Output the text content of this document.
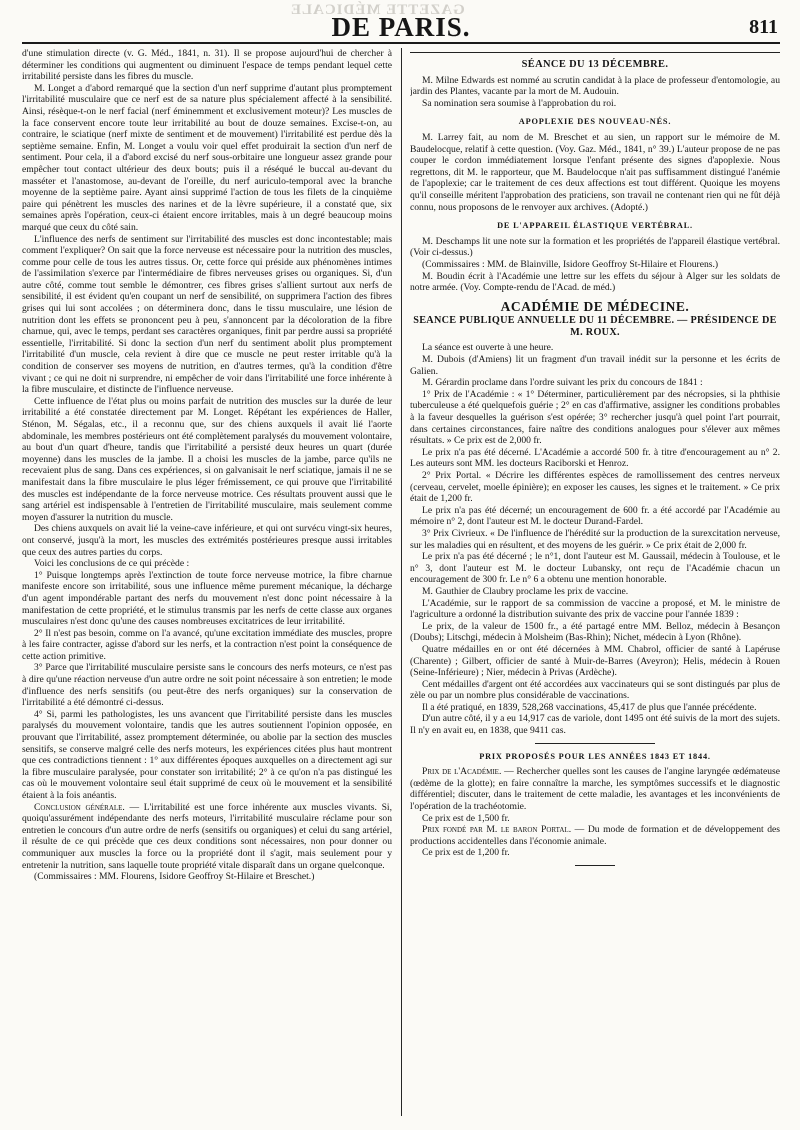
GAZETTE MÉDICALE
DE PARIS.	811

d'une stimulation directe (v. G. Méd., 1841, n. 31). Il se propose aujourd'hui de chercher à déterminer les conditions qui augmentent ou diminuent l'espace de temps pendant lequel cette irritabilité persiste dans les fibres du muscle.

M. Longet a d'abord remarqué que la section d'un nerf supprime d'autant plus promptement l'irritabilité musculaire que ce nerf est de sa nature plus spécialement affecté à la sensibilité. Ainsi, résèque-t-on le nerf facial (nerf éminemment et exclusivement moteur)? Les muscles de la face conservent encore toute leur irritabilité au bout de douze semaines. Excise-t-on, au contraire, le sciatique (nerf mixte de sentiment et de mouvement) l'irritabilité est perdue dès la septième semaine. Enfin, M. Longet a voulu voir quel effet produirait la section d'un nerf de sentiment. Pour cela, il a d'abord excisé du nerf sous-orbitaire une longueur assez grande pour empêcher tout contact ultérieur des deux bouts; puis il a réséqué le buccal au-devant du masséter et l'anastomose, au-devant de l'oreille, du nerf auriculo-temporal avec la branche moyenne de la septième paire. Ayant ainsi supprimé l'action de tous les filets de la cinquième paire qui pénètrent les muscles des narines et de la lèvre supérieure, il a constaté que, six semaines après l'opération, ceux-ci étaient encore irritables, mais à un degré beaucoup moins marqué que ceux du côté sain.

L'influence des nerfs de sentiment sur l'irritabilité des muscles est donc incontestable; mais comment l'expliquer? On sait que la force nerveuse est nécessaire pour la nutrition des muscles, comme pour celle de tous les autres tissus. Or, cette force qui préside aux phénomènes intimes de l'assimilation s'exerce par l'intermédiaire de fibres nerveuses grises ou organiques. Si, d'un autre côté, comme tout semble le démontrer, ces fibres grises s'allient surtout aux nerfs de sensibilité, il est évident qu'en coupant un nerf de sensibilité, on supprimera l'action des fibres grises qui lui sont accolées ; on déterminera donc, dans le tissu musculaire, une lésion de nutrition dont les effets se prononcent peu à peu, s'annoncent par la décoloration de la fibre charnue, qui, avec le temps, perdant ses caractères organiques, finit par perdre aussi sa propriété essentielle, l'irritabilité. Si donc la section d'un nerf du sentiment abolit plus promptement l'irritabilité d'un muscle, cela revient à dire que ce muscle ne peut rester irritable qu'à la condition de conserver ses moyens de nutrition, en d'autres termes, qu'à la condition d'être vivant ; ce qui ne doit ni surprendre, ni empêcher de voir dans l'irritabilité une force inhérente à la fibre musculaire, et distincte de l'influence nerveuse.

Cette influence de l'état plus ou moins parfait de nutrition des muscles sur la durée de leur irritabilité a été constatée directement par M. Longet. Répétant les expériences de Haller, Sténon, M. Ségalas, etc., il a reconnu que, sur des chiens auxquels il avait lié l'aorte abdominale, les membres postérieurs ont été complètement paralysés du mouvement volontaire, au bout d'un quart d'heure, tandis que l'irritabilité a persisté deux heures un quart (durée moyenne) dans les muscles de la jambe. Il a choisi les muscles de la jambe, parce qu'ils ne recevaient plus de sang. Dans ces expériences, si on galvanisait le nerf sciatique, jamais il ne se manifestait dans la fibre musculaire le plus léger frémissement, ce qui prouve que l'irritabilité des muscles est indépendante de la force nerveuse motrice. Ces résultats prouvent aussi que le sang artériel est indispensable à l'entretien de l'irritabilité musculaire, mais seulement comme moyen d'assurer la nutrition du muscle.

Des chiens auxquels on avait lié la veine-cave inférieure, et qui ont survécu vingt-six heures, ont conservé, jusqu'à la mort, les muscles des extrémités postérieures presque aussi irritables que ceux des autres parties du corps.

Voici les conclusions de ce qui précède :

1° Puisque longtemps après l'extinction de toute force nerveuse motrice, la fibre charnue manifeste encore son irritabilité, sous une influence même purement mécanique, la décharge d'un agent impondérable partant des nerfs du mouvement n'est donc point nécessaire à la manifestation de cette propriété, et le stimulus transmis par les nerfs de cette classe aux organes musculaires n'est donc qu'une des causes nombreuses excitatrices de leur irritabilité.

2° Il n'est pas besoin, comme on l'a avancé, qu'une excitation immédiate des muscles, propre à les faire contracter, agisse d'abord sur les nerfs, et la contraction n'est point la conséquence de cette action primitive.

3° Parce que l'irritabilité musculaire persiste sans le concours des nerfs moteurs, ce n'est pas à dire qu'une réaction nerveuse d'un autre ordre ne soit point nécessaire à son entretien; le mode d'influence des nerfs sensitifs (ou peut-être des nerfs organiques) sur la conservation de l'irritabilité a été démontré ci-dessus.

4° Si, parmi les pathologistes, les uns avancent que l'irritabilité persiste dans les muscles paralysés du mouvement volontaire, tandis que les autres soutiennent l'opinion opposée, en prouvant que l'irritabilité, assez promptement déterminée, ou abolie par la section des muscles sensitifs, se conserve malgré celle des nerfs moteurs, les expériences citées plus haut montrent que ces contradictions tiennent : 1° aux différentes époques auxquelles on a directement agi sur la fibre musculaire paralysée, pour constater son irritabilité; 2° à ce qu'on n'a pas distingué les cas où le mouvement volontaire seul était supprimé de ceux où le mouvement et la sensibilité étaient à la fois anéantis.

Conclusion générale. — L'irritabilité est une force inhérente aux muscles vivants. Si, quoiqu'assurément indépendante des nerfs moteurs, l'irritabilité musculaire réclame pour son entretien le concours d'un autre ordre de nerfs (sensitifs ou organiques) et celui du sang artériel, il résulte de ce qui précède que ces deux conditions sont nécessaires, non pour donner ou communiquer aux muscles la force ou la propriété dont il s'agit, mais seulement pour y entretenir la nutrition, sans laquelle toute propriété vitale disparaît dans un organe quelconque.

(Commissaires : MM. Flourens, Isidore Geoffroy St-Hilaire et Breschet.)

SÉANCE DU 13 DÉCEMBRE.

M. Milne Edwards est nommé au scrutin candidat à la place de professeur d'entomologie, au jardin des Plantes, vacante par la mort de M. Audouin.

Sa nomination sera soumise à l'approbation du roi.

APOPLEXIE DES NOUVEAU-NÉS.

M. Larrey fait, au nom de M. Breschet et au sien, un rapport sur le mémoire de M. Baudelocque, relatif à cette question. (Voy. Gaz. Méd., 1841, n° 39.) L'auteur propose de ne pas couper le cordon immédiatement lorsque l'enfant présente des signes d'apoplexie. Nous regrettons, dit M. le rapporteur, que M. Baudelocque n'ait pas suffisamment distingué l'anémie de l'apoplexie; car le traitement de ces deux affections est tout différent. Quoique les moyens qu'il conseille méritent l'approbation des praticiens, son travail ne contenant rien qui ne fût déjà connu, nous proposons de le renvoyer aux archives. (Adopté.)

DE L'APPAREIL ÉLASTIQUE VERTÉBRAL.

M. Deschamps lit une note sur la formation et les propriétés de l'appareil élastique vertébral. (Voir ci-dessus.)

(Commissaires : MM. de Blainville, Isidore Geoffroy St-Hilaire et Flourens.)

M. Boudin écrit à l'Académie une lettre sur les effets du séjour à Alger sur les soldats de notre armée. (Voy. Compte-rendu de l'Acad. de méd.)

ACADÉMIE DE MÉDECINE.
SEANCE PUBLIQUE ANNUELLE DU 11 DÉCEMBRE. — PRÉSIDENCE DE M. ROUX.

La séance est ouverte à une heure.

M. Dubois (d'Amiens) lit un fragment d'un travail inédit sur la personne et les écrits de Galien.

M. Gérardin proclame dans l'ordre suivant les prix du concours de 1841 :

1° Prix de l'Académie : « 1° Déterminer, particulièrement par des nécropsies, si la phthisie tuberculeuse a été quelquefois guérie ; 2° en cas d'affirmative, assigner les conditions probables à la faveur desquelles la guérison s'est opérée; 3° rechercher jusqu'à quel point l'art pourrait, dans certaines circonstances, faire naître des conditions analogues pour s'élever aux mêmes résultats. » Ce prix est de 2,000 fr.

Le prix n'a pas été décerné. L'Académie a accordé 500 fr. à titre d'encouragement au n° 2. Les auteurs sont MM. les docteurs Raciborski et Henroz.

2° Prix Portal. « Décrire les différentes espèces de ramollissement des centres nerveux (cerveau, cervelet, moelle épinière); en exposer les causes, les signes et le traitement. » Ce prix était de 1,200 fr.

Le prix n'a pas été décerné; un encouragement de 600 fr. a été accordé par l'Académie au mémoire n° 2, dont l'auteur est M. le docteur Durand-Fardel.

3° Prix Civrieux. « De l'influence de l'hérédité sur la production de la surexcitation nerveuse, sur les maladies qui en résultent, et des moyens de les guérir. » Ce prix était de 2,000 fr.

Le prix n'a pas été décerné ; le n°1, dont l'auteur est M. Gaussail, médecin à Toulouse, et le n° 3, dont l'auteur est M. le docteur Lubansky, ont reçu de l'Académie chacun un encouragement de 300 fr. Le n° 6 a obtenu une mention honorable.

M. Gauthier de Claubry proclame les prix de vaccine.

L'Académie, sur le rapport de sa commission de vaccine a proposé, et M. le ministre de l'agriculture a ordonné la distribution suivante des prix de vaccine pour l'année 1839 :

Le prix, de la valeur de 1500 fr., a été partagé entre MM. Belloz, médecin à Besançon (Doubs); Litschgi, médecin à Molsheim (Bas-Rhin); Nichet, médecin à Lyon (Rhône).

Quatre médailles en or ont été décernées à MM. Chabrol, officier de santé à Lapéruse (Charente) ; Gilbert, officier de santé à Muir-de-Barres (Aveyron); Helis, médecin à Rouen (Seine-Inférieure) ; Nier, médecin à Privas (Ardèche).

Cent médailles d'argent ont été accordées aux vaccinateurs qui se sont distingués par plus de zèle ou par un nombre plus considérable de vaccinations.

Il a été pratiqué, en 1839, 528,268 vaccinations, 45,417 de plus que l'année précédente.

D'un autre côté, il y a eu 14,917 cas de variole, dont 1495 ont été suivis de la mort des sujets. Il n'y en avait eu, en 1838, que 9411 cas.

PRIX PROPOSÉS POUR LES ANNÉES 1843 ET 1844.

Prix de l'Académie. — Rechercher quelles sont les causes de l'angine laryngée œdémateuse (œdème de la glotte); en faire connaître la marche, les symptômes successifs et le diagnostic différentiel; discuter, dans le traitement de cette maladie, les avantages et les inconvénients de l'opération de la trachéotomie.

Ce prix est de 1,500 fr.

Prix fondé par M. le baron Portal. — Du mode de formation et de développement des productions accidentelles dans l'économie animale.

Ce prix est de 1,200 fr.
